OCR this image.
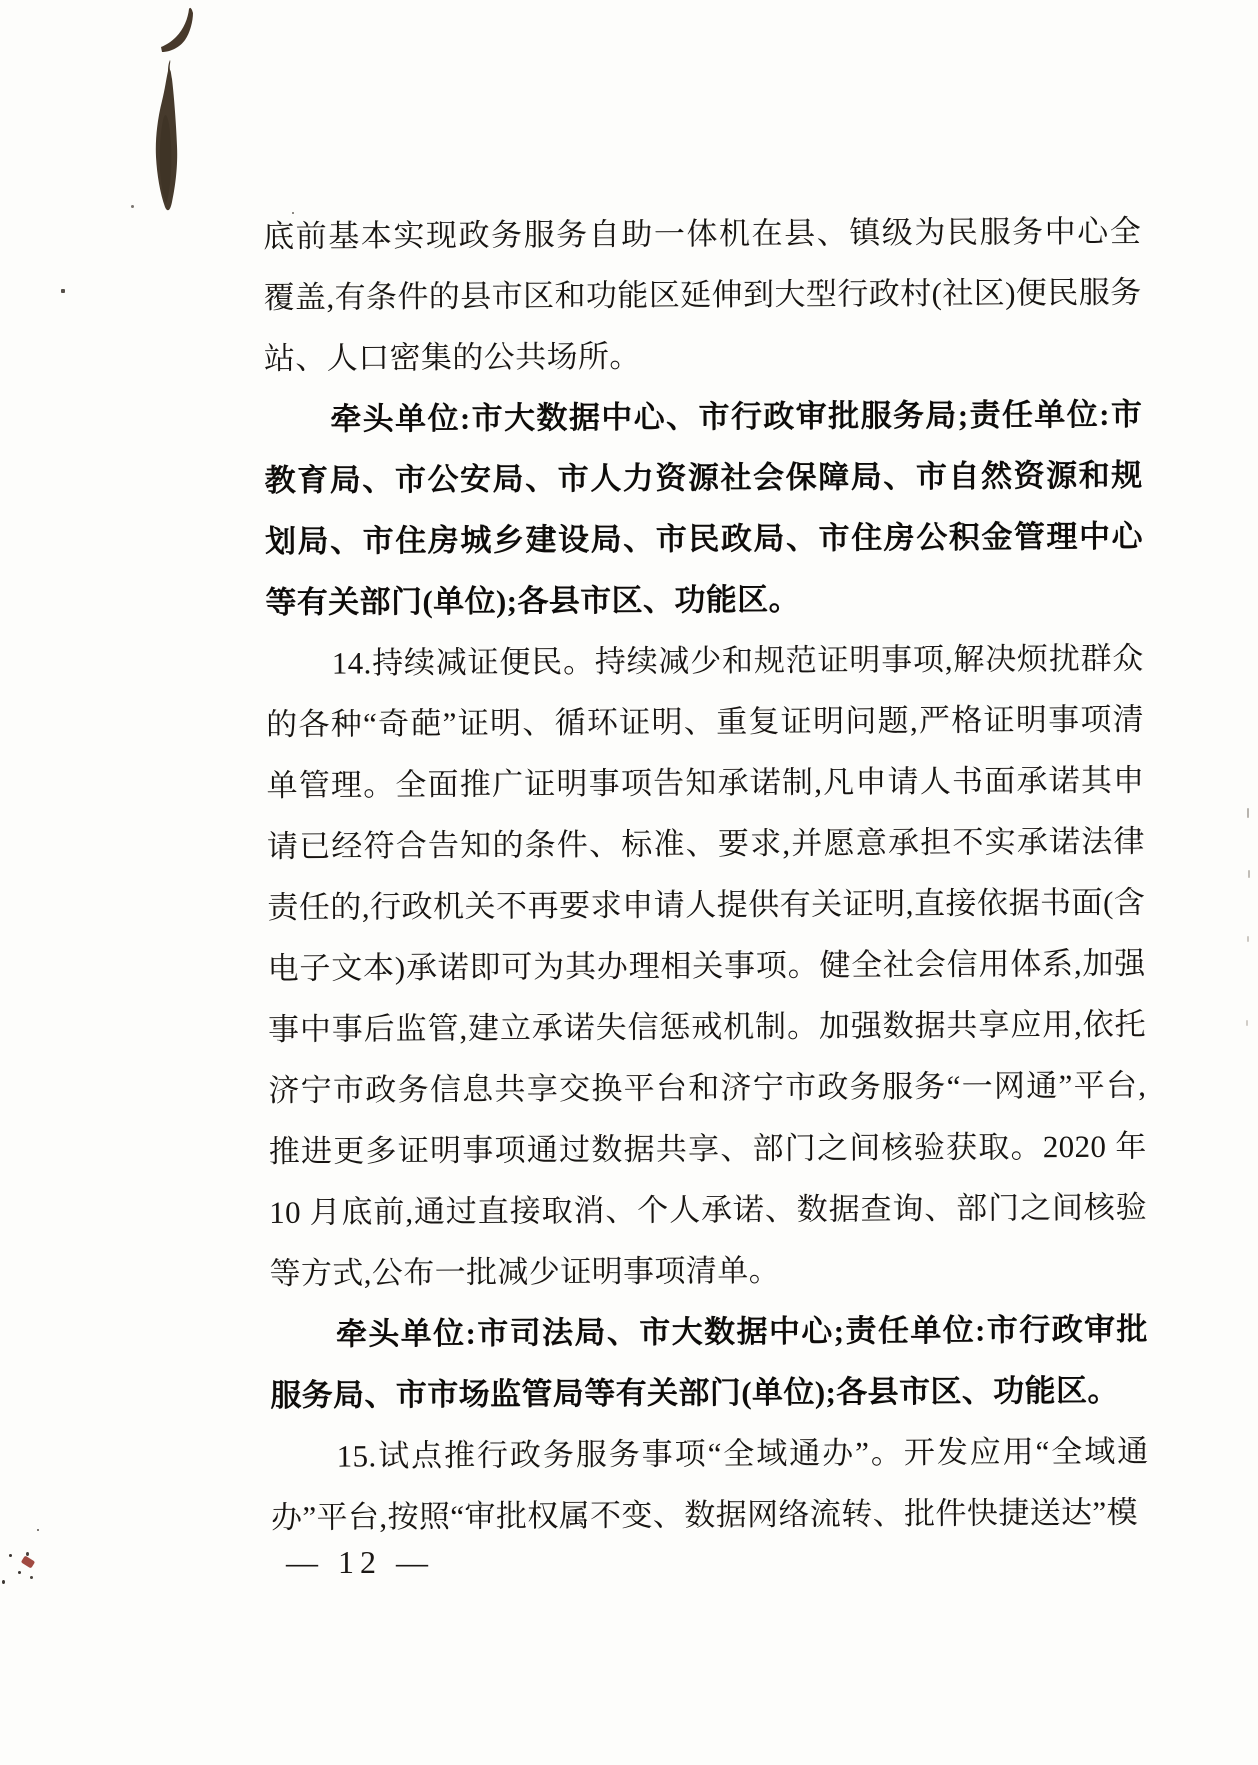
底前基本实现政务服务自助一体机在县、镇级为民服务中心全覆盖,有条件的县市区和功能区延伸到大型行政村(社区)便民服务站、人口密集的公共场所。

牵头单位:市大数据中心、市行政审批服务局;责任单位:市教育局、市公安局、市人力资源社会保障局、市自然资源和规划局、市住房城乡建设局、市民政局、市住房公积金管理中心等有关部门(单位);各县市区、功能区。

14.持续减证便民。持续减少和规范证明事项,解决烦扰群众的各种“奇葩”证明、循环证明、重复证明问题,严格证明事项清单管理。全面推广证明事项告知承诺制,凡申请人书面承诺其申请已经符合告知的条件、标准、要求,并愿意承担不实承诺法律责任的,行政机关不再要求申请人提供有关证明,直接依据书面(含电子文本)承诺即可为其办理相关事项。健全社会信用体系,加强事中事后监管,建立承诺失信惩戒机制。加强数据共享应用,依托济宁市政务信息共享交换平台和济宁市政务服务“一网通”平台,推进更多证明事项通过数据共享、部门之间核验获取。2020 年 10 月底前,通过直接取消、个人承诺、数据查询、部门之间核验等方式,公布一批减少证明事项清单。

牵头单位:市司法局、市大数据中心;责任单位:市行政审批服务局、市市场监管局等有关部门(单位);各县市区、功能区。

15.试点推行政务服务事项“全域通办”。开发应用“全域通办”平台,按照“审批权属不变、数据网络流转、批件快捷送达”模

— 12 —
